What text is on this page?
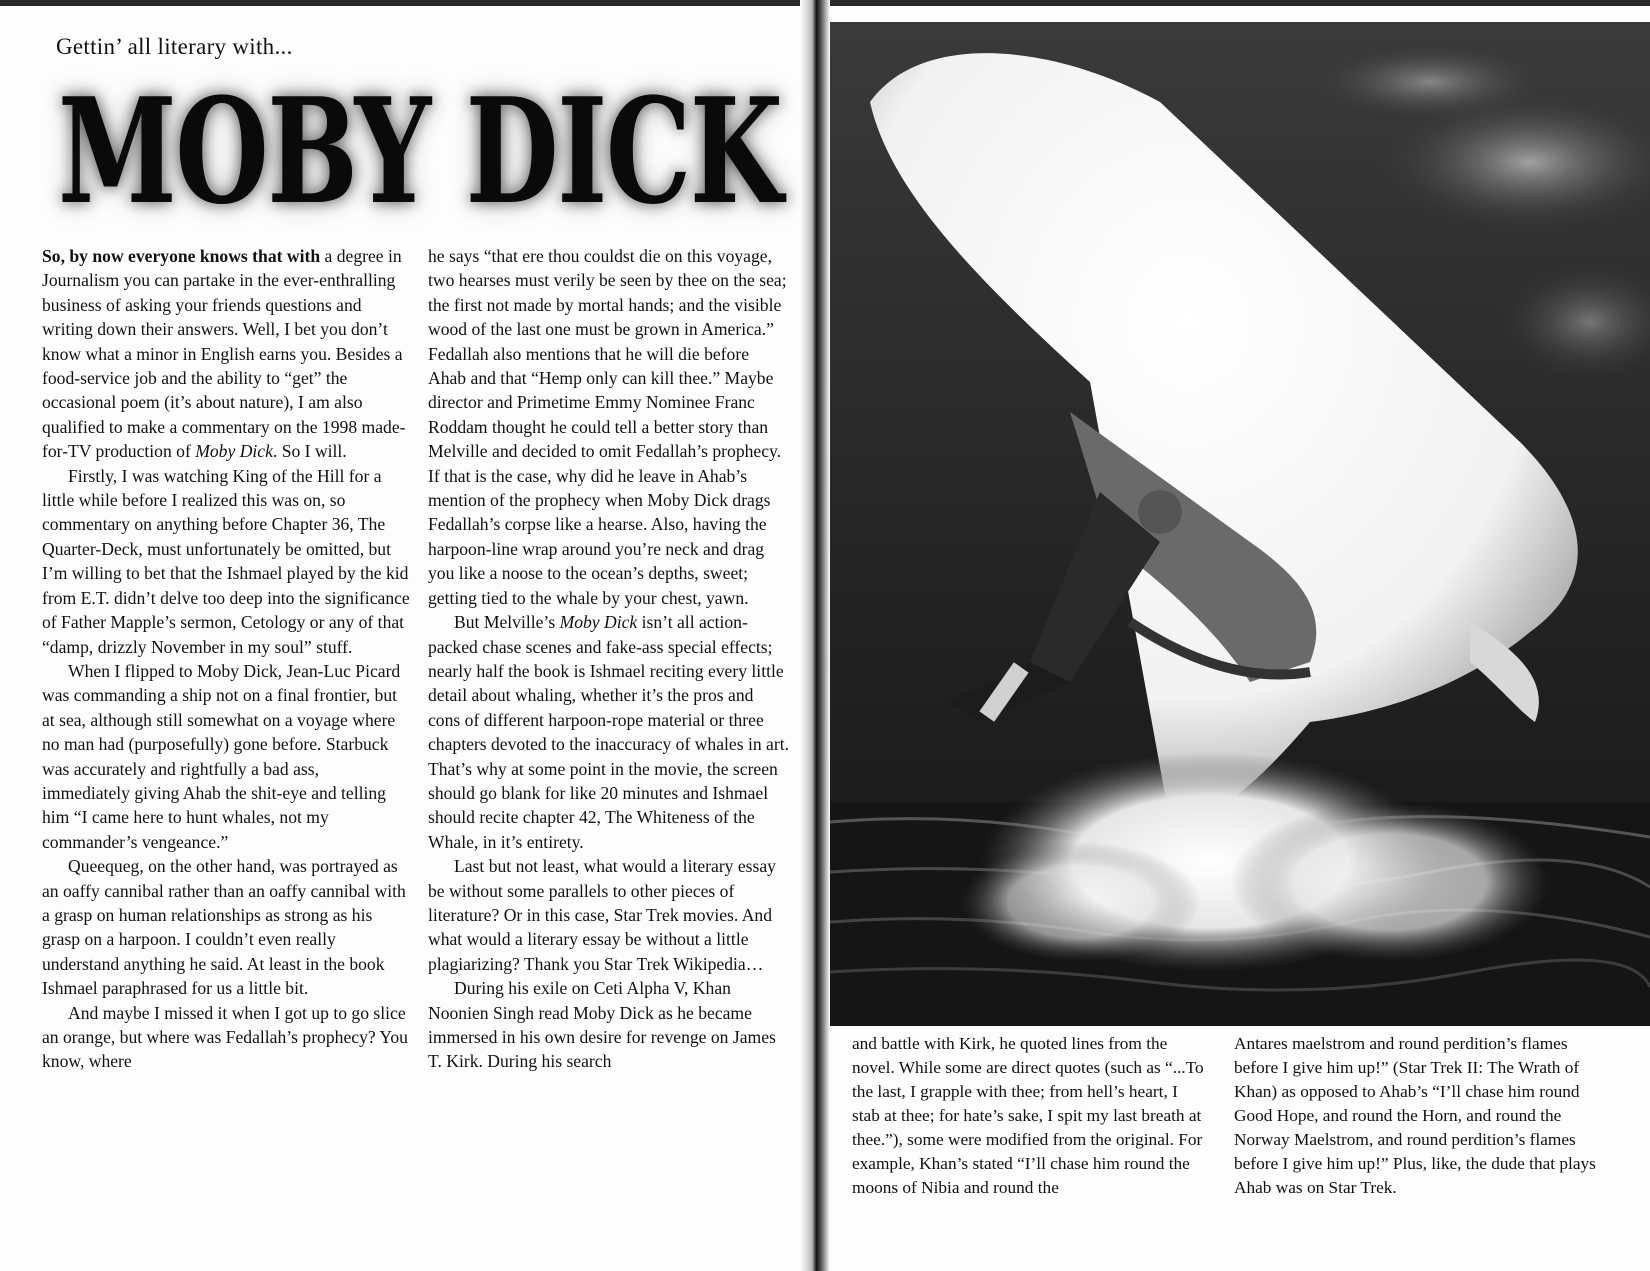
Gettin’ all literary with...
MOBY DICK

So, by now everyone knows that with a degree in Journalism you can partake in the ever-enthralling business of asking your friends questions and writing down their answers. Well, I bet you don’t know what a minor in English earns you. Besides a food-service job and the ability to “get” the occasional poem (it’s about nature), I am also qualified to make a commentary on the 1998 made-for-TV production of Moby Dick. So I will.

Firstly, I was watching King of the Hill for a little while before I realized this was on, so commentary on anything before Chapter 36, The Quarter-Deck, must unfortunately be omitted, but I’m willing to bet that the Ishmael played by the kid from E.T. didn’t delve too deep into the significance of Father Mapple’s sermon, Cetology or any of that “damp, drizzly November in my soul” stuff.

When I flipped to Moby Dick, Jean-Luc Picard was commanding a ship not on a final frontier, but at sea, although still somewhat on a voyage where no man had (purposefully) gone before. Starbuck was accurately and rightfully a bad ass, immediately giving Ahab the shit-eye and telling him “I came here to hunt whales, not my commander’s vengeance.”

Queequeg, on the other hand, was portrayed as an oaffy cannibal rather than an oaffy cannibal with a grasp on human relationships as strong as his grasp on a harpoon. I couldn’t even really understand anything he said. At least in the book Ishmael paraphrased for us a little bit.

And maybe I missed it when I got up to go slice an orange, but where was Fedallah’s prophecy? You know, where

he says “that ere thou couldst die on this voyage, two hearses must verily be seen by thee on the sea; the first not made by mortal hands; and the visible wood of the last one must be grown in America.” Fedallah also mentions that he will die before Ahab and that “Hemp only can kill thee.” Maybe director and Primetime Emmy Nominee Franc Roddam thought he could tell a better story than Melville and decided to omit Fedallah’s prophecy. If that is the case, why did he leave in Ahab’s mention of the prophecy when Moby Dick drags Fedallah’s corpse like a hearse. Also, having the harpoon-line wrap around you’re neck and drag you like a noose to the ocean’s depths, sweet; getting tied to the whale by your chest, yawn.

But Melville’s Moby Dick isn’t all action-packed chase scenes and fake-ass special effects; nearly half the book is Ishmael reciting every little detail about whaling, whether it’s the pros and cons of different harpoon-rope material or three chapters devoted to the inaccuracy of whales in art. That’s why at some point in the movie, the screen should go blank for like 20 minutes and Ishmael should recite chapter 42, The Whiteness of the Whale, in it’s entirety.

Last but not least, what would a literary essay be without some parallels to other pieces of literature? Or in this case, Star Trek movies. And what would a literary essay be without a little plagiarizing? Thank you Star Trek Wikipedia…

During his exile on Ceti Alpha V, Khan Noonien Singh read Moby Dick as he became immersed in his own desire for revenge on James T. Kirk. During his search

and battle with Kirk, he quoted lines from the novel. While some are direct quotes (such as “...To the last, I grapple with thee; from hell’s heart, I stab at thee; for hate’s sake, I spit my last breath at thee.”), some were modified from the original. For example, Khan’s stated “I’ll chase him round the moons of Nibia and round the

Antares maelstrom and round perdition’s flames before I give him up!” (Star Trek II: The Wrath of Khan) as opposed to Ahab’s “I’ll chase him round Good Hope, and round the Horn, and round the Norway Maelstrom, and round perdition’s flames before I give him up!” Plus, like, the dude that plays Ahab was on Star Trek.
